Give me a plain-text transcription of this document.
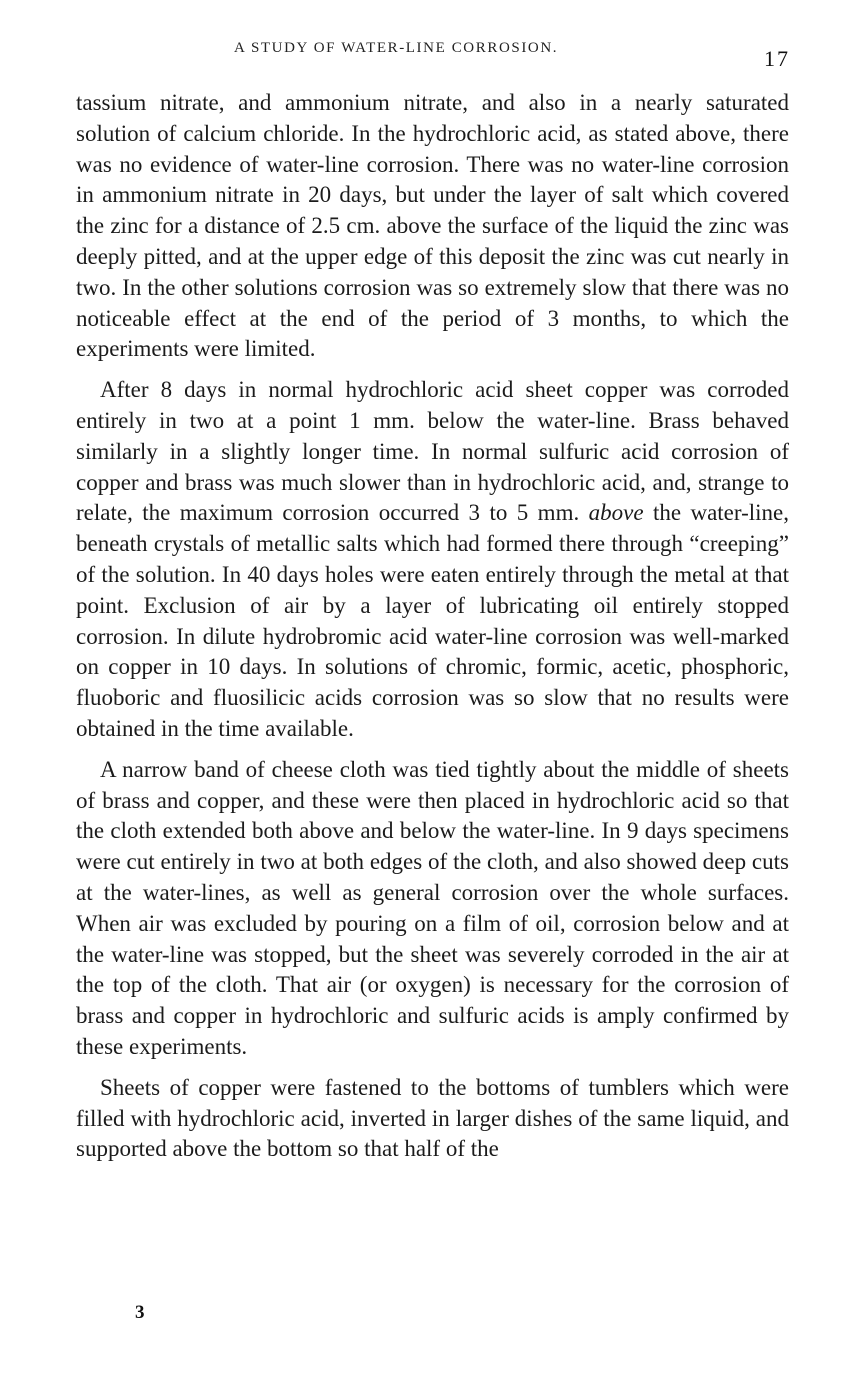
A STUDY OF WATER-LINE CORROSION.	17

tassium nitrate, and ammonium nitrate, and also in a nearly saturated solution of calcium chloride. In the hydrochloric acid, as stated above, there was no evidence of water-line corrosion. There was no water-line corrosion in ammonium nitrate in 20 days, but under the layer of salt which covered the zinc for a distance of 2.5 cm. above the surface of the liquid the zinc was deeply pitted, and at the upper edge of this deposit the zinc was cut nearly in two. In the other solutions corrosion was so extremely slow that there was no noticeable effect at the end of the period of 3 months, to which the experiments were limited.

After 8 days in normal hydrochloric acid sheet copper was corroded entirely in two at a point 1 mm. below the water-line. Brass behaved similarly in a slightly longer time. In normal sulfuric acid corrosion of copper and brass was much slower than in hydrochloric acid, and, strange to relate, the maximum corrosion occurred 3 to 5 mm. above the water-line, beneath crystals of metallic salts which had formed there through “creeping” of the solution. In 40 days holes were eaten entirely through the metal at that point. Exclusion of air by a layer of lubricating oil entirely stopped corrosion. In dilute hydrobromic acid water-line corrosion was well-marked on copper in 10 days. In solutions of chromic, formic, acetic, phosphoric, fluoboric and fluosilicic acids corrosion was so slow that no results were obtained in the time available.

A narrow band of cheese cloth was tied tightly about the middle of sheets of brass and copper, and these were then placed in hydrochloric acid so that the cloth extended both above and below the water-line. In 9 days specimens were cut entirely in two at both edges of the cloth, and also showed deep cuts at the water-lines, as well as general corrosion over the whole surfaces. When air was excluded by pouring on a film of oil, corrosion below and at the water-line was stopped, but the sheet was severely corroded in the air at the top of the cloth. That air (or oxygen) is necessary for the corrosion of brass and copper in hydrochloric and sulfuric acids is amply confirmed by these experiments.

Sheets of copper were fastened to the bottoms of tumblers which were filled with hydrochloric acid, inverted in larger dishes of the same liquid, and supported above the bottom so that half of the

3
